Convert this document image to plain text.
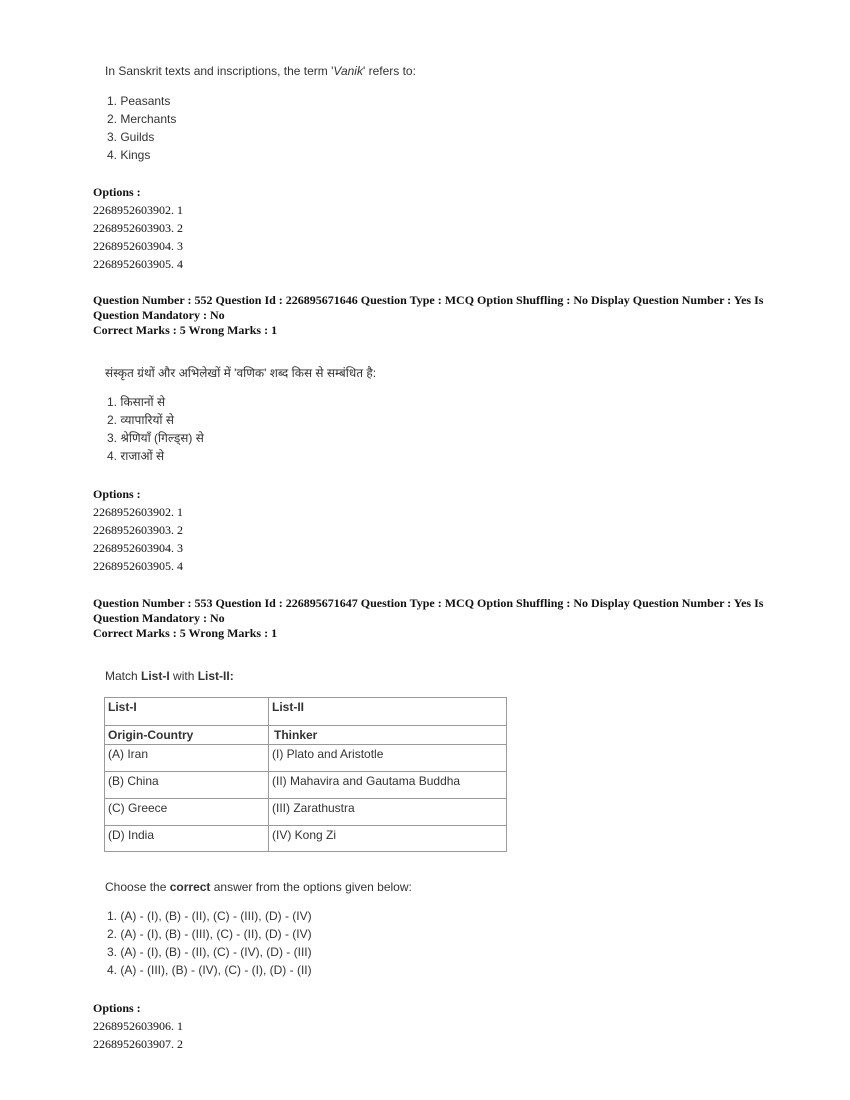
In Sanskrit texts and inscriptions, the term 'Vanik' refers to:
1. Peasants
2. Merchants
3. Guilds
4. Kings
Options :
2268952603902. 1
2268952603903. 2
2268952603904. 3
2268952603905. 4
Question Number : 552 Question Id : 226895671646 Question Type : MCQ Option Shuffling : No Display Question Number : Yes Is
Question Mandatory : No
Correct Marks : 5 Wrong Marks : 1
संस्कृत ग्रंथों और अभिलेखों में 'वणिक' शब्द किस से सम्बंधित है:
1. किसानों से
2. व्यापारियों से
3. श्रेणियाँ (गिल्ड्स) से
4. राजाओं से
Options :
2268952603902. 1
2268952603903. 2
2268952603904. 3
2268952603905. 4
Question Number : 553 Question Id : 226895671647 Question Type : MCQ Option Shuffling : No Display Question Number : Yes Is
Question Mandatory : No
Correct Marks : 5 Wrong Marks : 1
Match List-I with List-II:
List-I	List-II
Origin-Country	Thinker
(A) Iran	(I) Plato and Aristotle
(B) China	(II) Mahavira and Gautama Buddha
(C) Greece	(III) Zarathustra
(D) India	(IV) Kong Zi
Choose the correct answer from the options given below:
1. (A) - (I), (B) - (II), (C) - (III), (D) - (IV)
2. (A) - (I), (B) - (III), (C) - (II), (D) - (IV)
3. (A) - (I), (B) - (II), (C) - (IV), (D) - (III)
4. (A) - (III), (B) - (IV), (C) - (I), (D) - (II)
Options :
2268952603906. 1
2268952603907. 2
